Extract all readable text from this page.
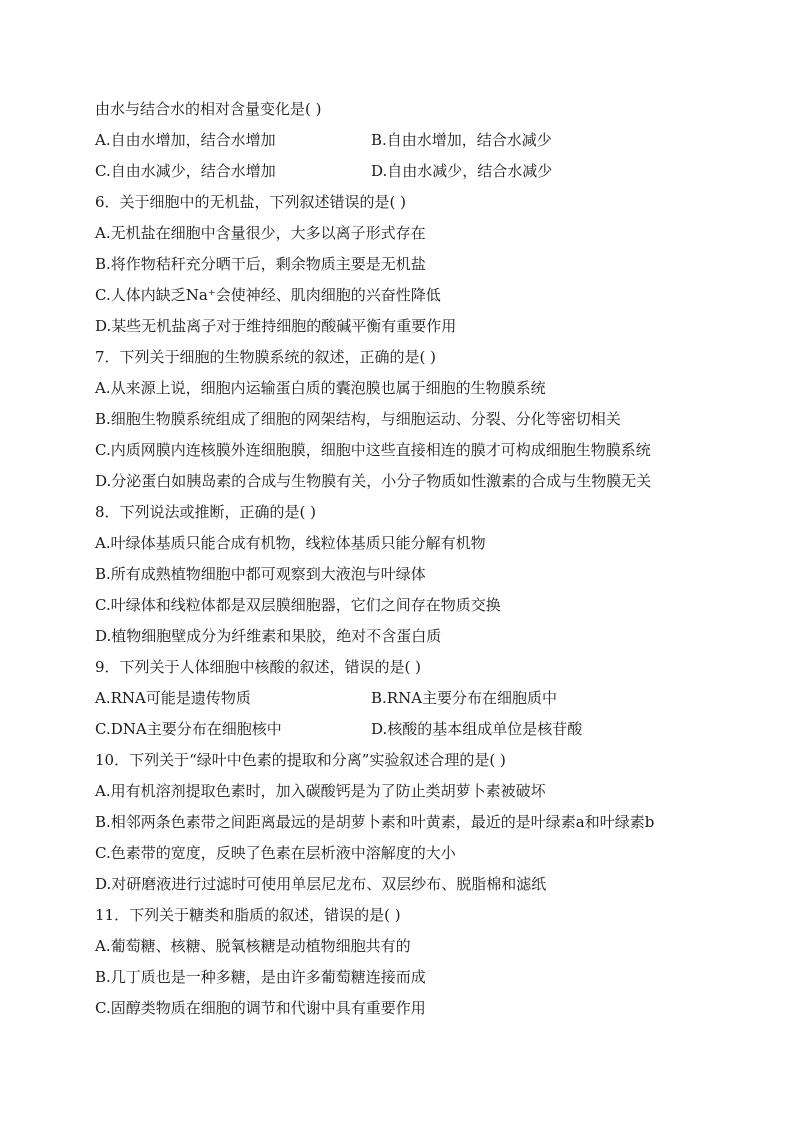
由水与结合水的相对含量变化是( )
A.自由水增加，结合水增加	B.自由水增加，结合水减少
C.自由水减少，结合水增加	D.自由水减少，结合水减少
6．关于细胞中的无机盐，下列叙述错误的是( )
A.无机盐在细胞中含量很少，大多以离子形式存在
B.将作物秸秆充分晒干后，剩余物质主要是无机盐
C.人体内缺乏Na⁺会使神经、肌肉细胞的兴奋性降低
D.某些无机盐离子对于维持细胞的酸碱平衡有重要作用
7．下列关于细胞的生物膜系统的叙述，正确的是( )
A.从来源上说，细胞内运输蛋白质的囊泡膜也属于细胞的生物膜系统
B.细胞生物膜系统组成了细胞的网架结构，与细胞运动、分裂、分化等密切相关
C.内质网膜内连核膜外连细胞膜，细胞中这些直接相连的膜才可构成细胞生物膜系统
D.分泌蛋白如胰岛素的合成与生物膜有关，小分子物质如性激素的合成与生物膜无关
8．下列说法或推断，正确的是( )
A.叶绿体基质只能合成有机物，线粒体基质只能分解有机物
B.所有成熟植物细胞中都可观察到大液泡与叶绿体
C.叶绿体和线粒体都是双层膜细胞器，它们之间存在物质交换
D.植物细胞壁成分为纤维素和果胶，绝对不含蛋白质
9．下列关于人体细胞中核酸的叙述，错误的是( )
A.RNA可能是遗传物质	B.RNA主要分布在细胞质中
C.DNA主要分布在细胞核中	D.核酸的基本组成单位是核苷酸
10．下列关于“绿叶中色素的提取和分离”实验叙述合理的是( )
A.用有机溶剂提取色素时，加入碳酸钙是为了防止类胡萝卜素被破坏
B.相邻两条色素带之间距离最远的是胡萝卜素和叶黄素，最近的是叶绿素a和叶绿素b
C.色素带的宽度，反映了色素在层析液中溶解度的大小
D.对研磨液进行过滤时可使用单层尼龙布、双层纱布、脱脂棉和滤纸
11．下列关于糖类和脂质的叙述，错误的是( )
A.葡萄糖、核糖、脱氧核糖是动植物细胞共有的
B.几丁质也是一种多糖，是由许多葡萄糖连接而成
C.固醇类物质在细胞的调节和代谢中具有重要作用
